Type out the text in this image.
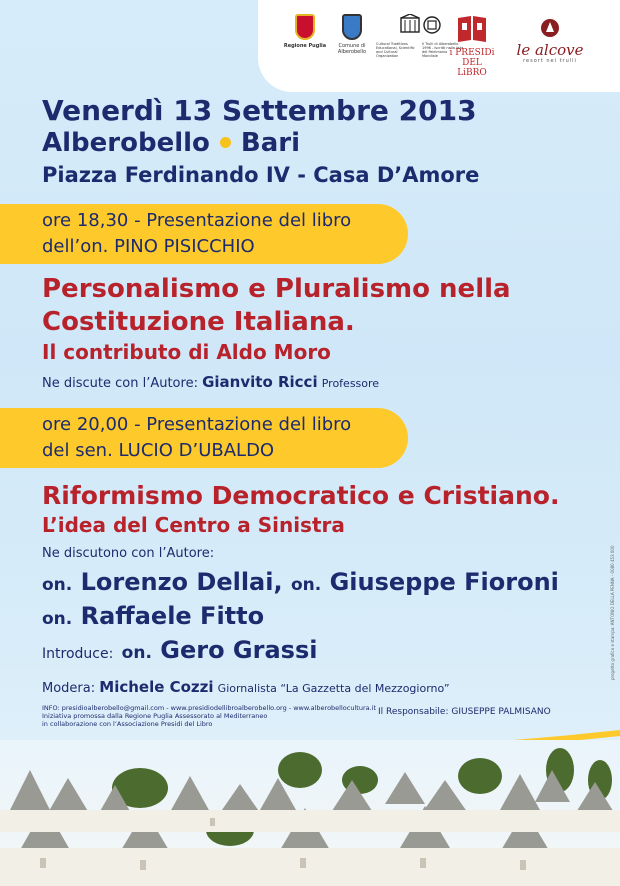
Regione Puglia	Comune di Alberobello
Cultural Traditions Educational, Scientific and Cultural Organization
Il Trulli di Alberobello 1996 - Iscritti nella lista del Patrimonio Mondiale	i PRESIDi
DEL LiBRO
le alcove
resort nei trulli
Venerdì 13 Settembre 2013
Alberobello Bari
Piazza Ferdinando IV - Casa D’Amore
ore 18,30 - Presentazione del libro
dell’on. PINO PISICCHIO
Personalismo e Pluralismo nella
Costituzione Italiana.
Il contributo di Aldo Moro
Ne discute con l’Autore: Gianvito Ricci Professore
ore 20,00 - Presentazione del libro
del sen. LUCIO D’UBALDO
Riformismo Democratico e Cristiano.
L’idea del Centro a Sinistra
Ne discutono con l’Autore:
on. Lorenzo Dellai, on. Giuseppe Fioroni
on. Raffaele Fitto
Introduce: on. Gero Grassi
Modera: Michele Cozzi Giornalista “La Gazzetta del Mezzogiorno”
INFO: presidioalberobello@gmail.com - www.presidiodellibroalberobello.org - www.alberobellocultura.it
Iniziativa promossa dalla Regione Puglia Assessorato al Mediterraneo
in collaborazione con l’Associazione Presidi del Libro
Il Responsabile: GIUSEPPE PALMISANO
progetto grafico e stampa: ANTONIO DELLA PENNA - 0080 453 000
